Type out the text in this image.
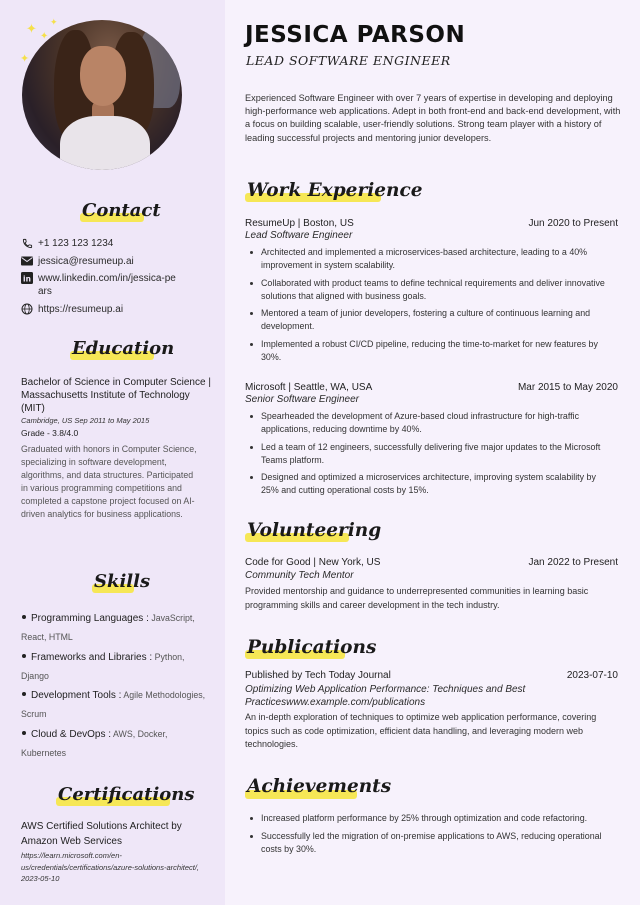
✦
✦
✦
✦
Contact
+1 123 123 1234
jessica@resumeup.ai
in www.linkedin.com/in/jessica-pe ars
https://resumeup.ai
Education
Bachelor of Science in Computer Science | Massachusetts Institute of Technology (MIT)
Cambridge, US Sep 2011 to May 2015
Grade - 3.8/4.0
Graduated with honors in Computer Science, specializing in software development, algorithms, and data structures. Participated in various programming competitions and completed a capstone project focused on AI-driven analytics for business applications.
Skills
Programming Languages : JavaScript, React, HTML
Frameworks and Libraries : Python, Django
Development Tools : Agile Methodologies, Scrum
Cloud & DevOps : AWS, Docker, Kubernetes
Certifications
AWS Certified Solutions Architect by Amazon Web Services
https://learn.microsoft.com/en-us/credentials/certifications/azure-solutions-architect/, 2023-05-10
JESSICA PARSON
LEAD SOFTWARE ENGINEER
Experienced Software Engineer with over 7 years of expertise in developing and deploying high-performance web applications. Adept in both front-end and back-end development, with a focus on building scalable, user-friendly solutions. Strong team player with a history of leading successful projects and mentoring junior developers.
Work Experience
ResumeUp | Boston, US	Jun 2020 to Present
Lead Software Engineer
Architected and implemented a microservices-based architecture, leading to a 40% improvement in system scalability.
Collaborated with product teams to define technical requirements and deliver innovative solutions that aligned with business goals.
Mentored a team of junior developers, fostering a culture of continuous learning and development.
Implemented a robust CI/CD pipeline, reducing the time-to-market for new features by 30%.
Microsoft | Seattle, WA, USA	Mar 2015 to May 2020
Senior Software Engineer
Spearheaded the development of Azure-based cloud infrastructure for high-traffic applications, reducing downtime by 40%.
Led a team of 12 engineers, successfully delivering five major updates to the Microsoft Teams platform.
Designed and optimized a microservices architecture, improving system scalability by 25% and cutting operational costs by 15%.
Volunteering
Code for Good | New York, US	Jan 2022 to Present
Community Tech Mentor
Provided mentorship and guidance to underrepresented communities in learning basic programming skills and career development in the tech industry.
Publications
Published by Tech Today Journal	2023-07-10
Optimizing Web Application Performance: Techniques and Best Practiceswww.example.com/publications
An in-depth exploration of techniques to optimize web application performance, covering topics such as code optimization, efficient data handling, and leveraging modern web technologies.
Achievements
Increased platform performance by 25% through optimization and code refactoring.
Successfully led the migration of on-premise applications to AWS, reducing operational costs by 30%.
